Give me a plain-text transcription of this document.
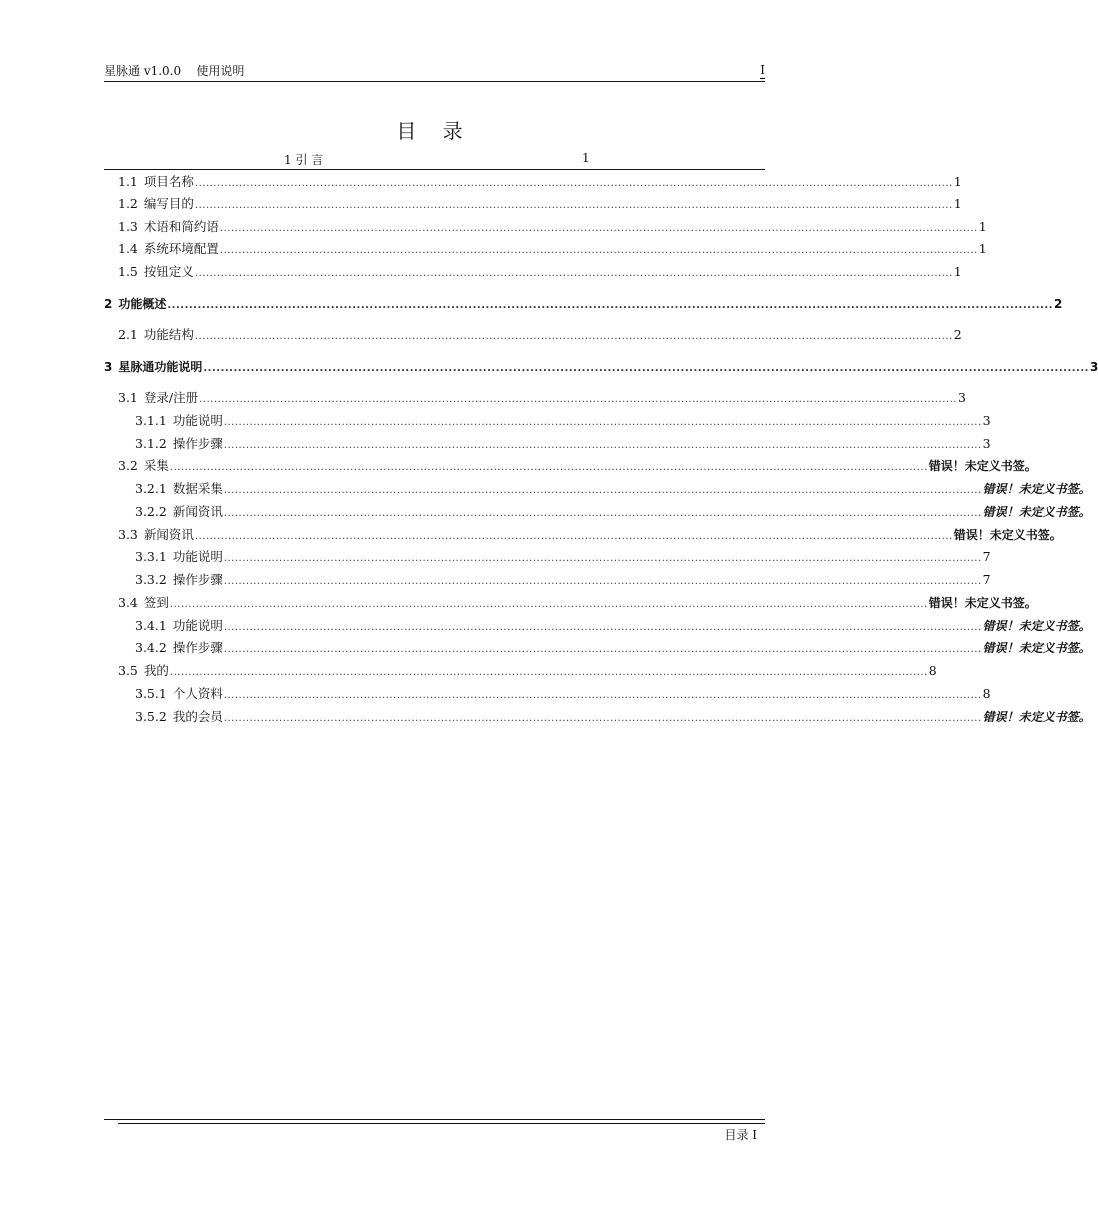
星脉通 v1.0.0    使用说明	I
目 录
1 引 言	1
1.1 项目名称 .............................................................................................................................................................................................................. 1
1.2 编写目的 .............................................................................................................................................................................................................. 1
1.3 术语和简约语 .............................................................................................................................................................................................................. 1
1.4 系统环境配置 .............................................................................................................................................................................................................. 1
1.5 按钮定义 .............................................................................................................................................................................................................. 1
2 功能概述 .............................................................................................................................................................................................................. 2
2.1 功能结构 .............................................................................................................................................................................................................. 2
3 星脉通功能说明 .............................................................................................................................................................................................................. 3
3.1 登录/注册 .............................................................................................................................................................................................................. 3
3.1.1 功能说明 .............................................................................................................................................................................................................. 3
3.1.2 操作步骤 .............................................................................................................................................................................................................. 3
3.2 采集 .............................................................................................................................................................................................................. 错误！未定义书签。
3.2.1 数据采集 .............................................................................................................................................................................................................. 错误！未定义书签。
3.2.2 新闻资讯 .............................................................................................................................................................................................................. 错误！未定义书签。
3.3 新闻资讯 .............................................................................................................................................................................................................. 错误！未定义书签。
3.3.1 功能说明 .............................................................................................................................................................................................................. 7
3.3.2 操作步骤 .............................................................................................................................................................................................................. 7
3.4 签到 .............................................................................................................................................................................................................. 错误！未定义书签。
3.4.1 功能说明 .............................................................................................................................................................................................................. 错误！未定义书签。
3.4.2 操作步骤 .............................................................................................................................................................................................................. 错误！未定义书签。
3.5 我的 .............................................................................................................................................................................................................. 8
3.5.1 个人资料 .............................................................................................................................................................................................................. 8
3.5.2 我的会员 .............................................................................................................................................................................................................. 错误！未定义书签。
目录 I
